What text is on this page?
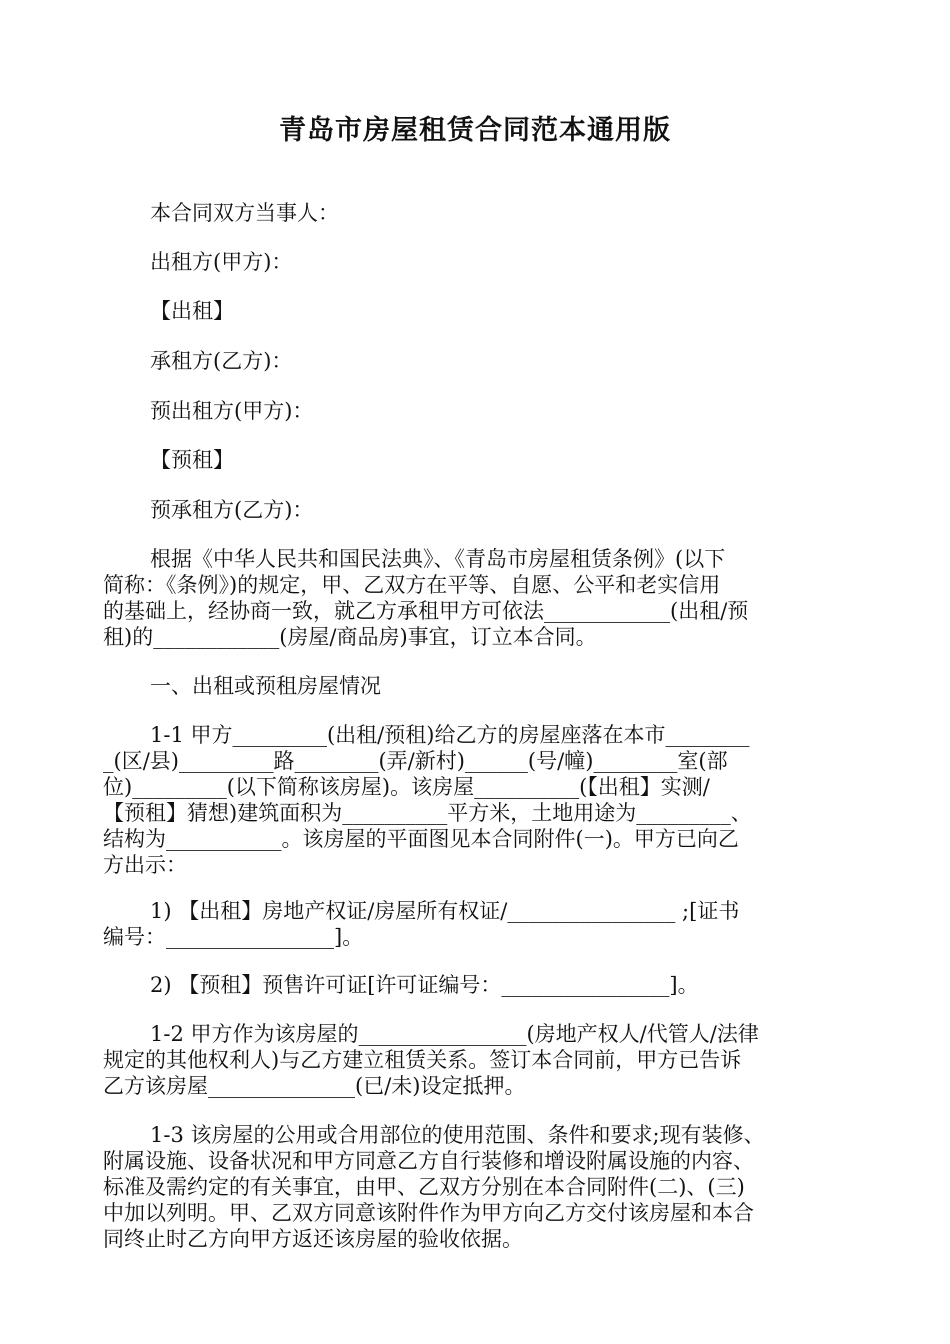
青岛市房屋租赁合同范本通用版
本合同双方当事人：
出租方(甲方)：
【出租】
承租方(乙方)：
预出租方(甲方)：
【预租】
预承租方(乙方)：
根据《中华人民共和国民法典》、《青岛市房屋租赁条例》(以下
简称：《条例》)的规定，甲、乙双方在平等、自愿、公平和老实信用
的基础上，经协商一致，就乙方承租甲方可依法____________(出租/预
租)的____________(房屋/商品房)事宜，订立本合同。
一、出租或预租房屋情况
1-1 甲方_________(出租/预租)给乙方的房屋座落在本市________
_(区/县)_________路________(弄/新村)______(号/幢)________室(部
位)_________(以下简称该房屋)。该房屋__________(【出租】实测/
【预租】猜想)建筑面积为__________平方米，土地用途为_________、
结构为___________。该房屋的平面图见本合同附件(一)。甲方已向乙
方出示：
1) 【出租】房地产权证/房屋所有权证/________________ ;[证书
编号：________________]。
2) 【预租】预售许可证[许可证编号：________________]。
1-2 甲方作为该房屋的________________(房地产权人/代管人/法律
规定的其他权利人)与乙方建立租赁关系。签订本合同前，甲方已告诉
乙方该房屋______________(已/未)设定抵押。
1-3 该房屋的公用或合用部位的使用范围、条件和要求;现有装修、
附属设施、设备状况和甲方同意乙方自行装修和增设附属设施的内容、
标准及需约定的有关事宜，由甲、乙双方分别在本合同附件(二)、(三)
中加以列明。甲、乙双方同意该附件作为甲方向乙方交付该房屋和本合
同终止时乙方向甲方返还该房屋的验收依据。
